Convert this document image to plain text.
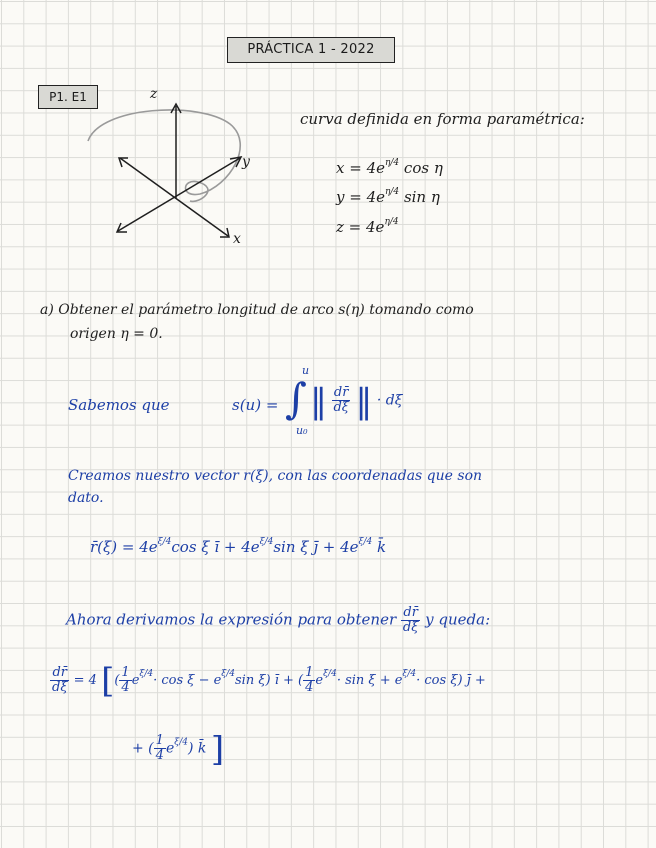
PRÁCTICA 1 - 2022
P1. E1	z
y
x
curva definida en forma paramétrica:
$x = 4e^{\eta/4}$ cos η
$y = 4e^{\eta/4}$ sin η
$z = 4e^{\eta/4}$
a) Obtener el parámetro longitud de arco s(η) tomando como
origen η = 0.
Sabemos que	s(u) = ∫
u
u₀
‖ $\frac{dr̄}{d\xi}$ ‖ · dξ
Creamos nuestro vector r(ξ), con las coordenadas que son
dato.
r̄(ξ) = $4e^{\xi/4}\cos$ ξ ī + $4e^{\xi/4}\sin$ ξ j̄ + $4e^{\xi/4}$ k̄
Ahora derivamos la expresión para obtener $\frac{dr̄}{d\xi}$ y queda:
$\frac{dr̄}{d\xi} = 4$ [( $\frac{1}{4} e^{\xi/4}\cdot \cos \xi - e^{\xi/4}\sin$ ξ) ī + ( $\frac{1}{4} e^{\xi/4}\cdot \sin \xi + e^{\xi/4}\cdot \cos \xi$) j̄ +
+ ( $\frac{1}{4} e^{\xi/4}$) k̄ ]
